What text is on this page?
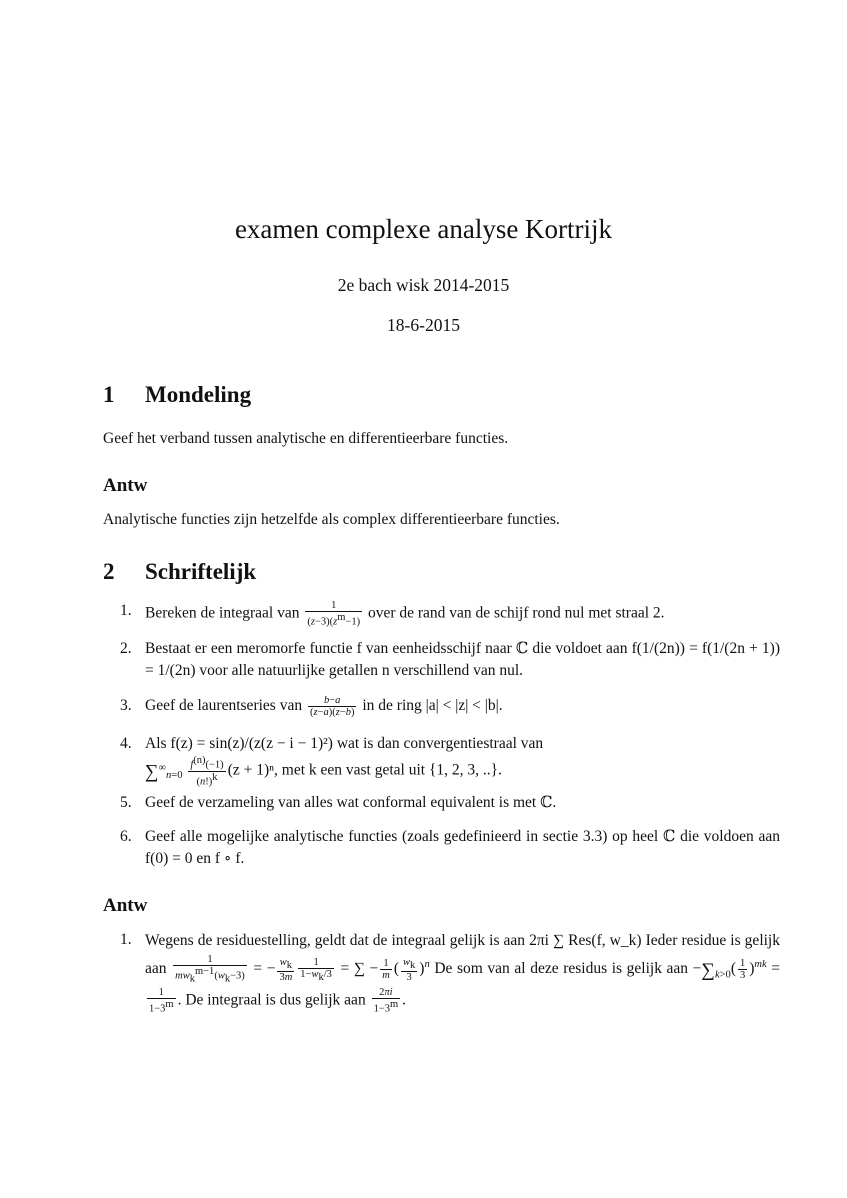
examen complexe analyse Kortrijk
2e bach wisk 2014-2015
18-6-2015
1 Mondeling
Geef het verband tussen analytische en differentieerbare functies.
Antw
Analytische functies zijn hetzelfde als complex differentieerbare functies.
2 Schriftelijk
1. Bereken de integraal van $\frac{1}{(z-3)(z^m-1)}$ over de rand van de schijf rond nul met straal 2.
2. Bestaat er een meromorfe functie f van eenheidsschijf naar ℂ die voldoet aan f(1/(2n)) = f(1/(2n + 1)) = 1/(2n) voor alle natuurlijke getallen n verschillend van nul.
3. Geef de laurentseries van $\frac{b-a}{(z-a)(z-b)}$ in de ring |a| < |z| < |b|.
4. Als f(z) = sin(z)/(z(z − i − 1)²) wat is dan convergentiestraal van
$\sum^\infty_{n=0} \frac{f^{(n)}(-1)}{(n!)^k} (z + 1)^n$, met k een vast getal uit {1, 2, 3, ..}.
5. Geef de verzameling van alles wat conformal equivalent is met ℂ.
6. Geef alle mogelijke analytische functies (zoals gedefinieerd in sectie 3.3) op heel ℂ die voldoen aan f(0) = 0 en f ∘ f.
Antw
1. Wegens de residuestelling, geldt dat de integraal gelijk is aan 2πi ∑ Res(f, w_k) Ieder residue is gelijk aan $\frac{1}{mw_k^{m-1}(w_k-3)}$ = − $\frac{w_k}{3m} \frac{1}{1-w_k/3}$ = ∑ − $\frac{1}{m}$ ( $\frac{w_k}{3} )^n$ De som van al deze residus is gelijk aan $-\sum_{k>0}( \frac{1}{3} )^{mk}$ =
$\frac{1}{1-3^m}$ . De integraal is dus gelijk aan $\frac{2\pi i}{1-3^m}$ .
